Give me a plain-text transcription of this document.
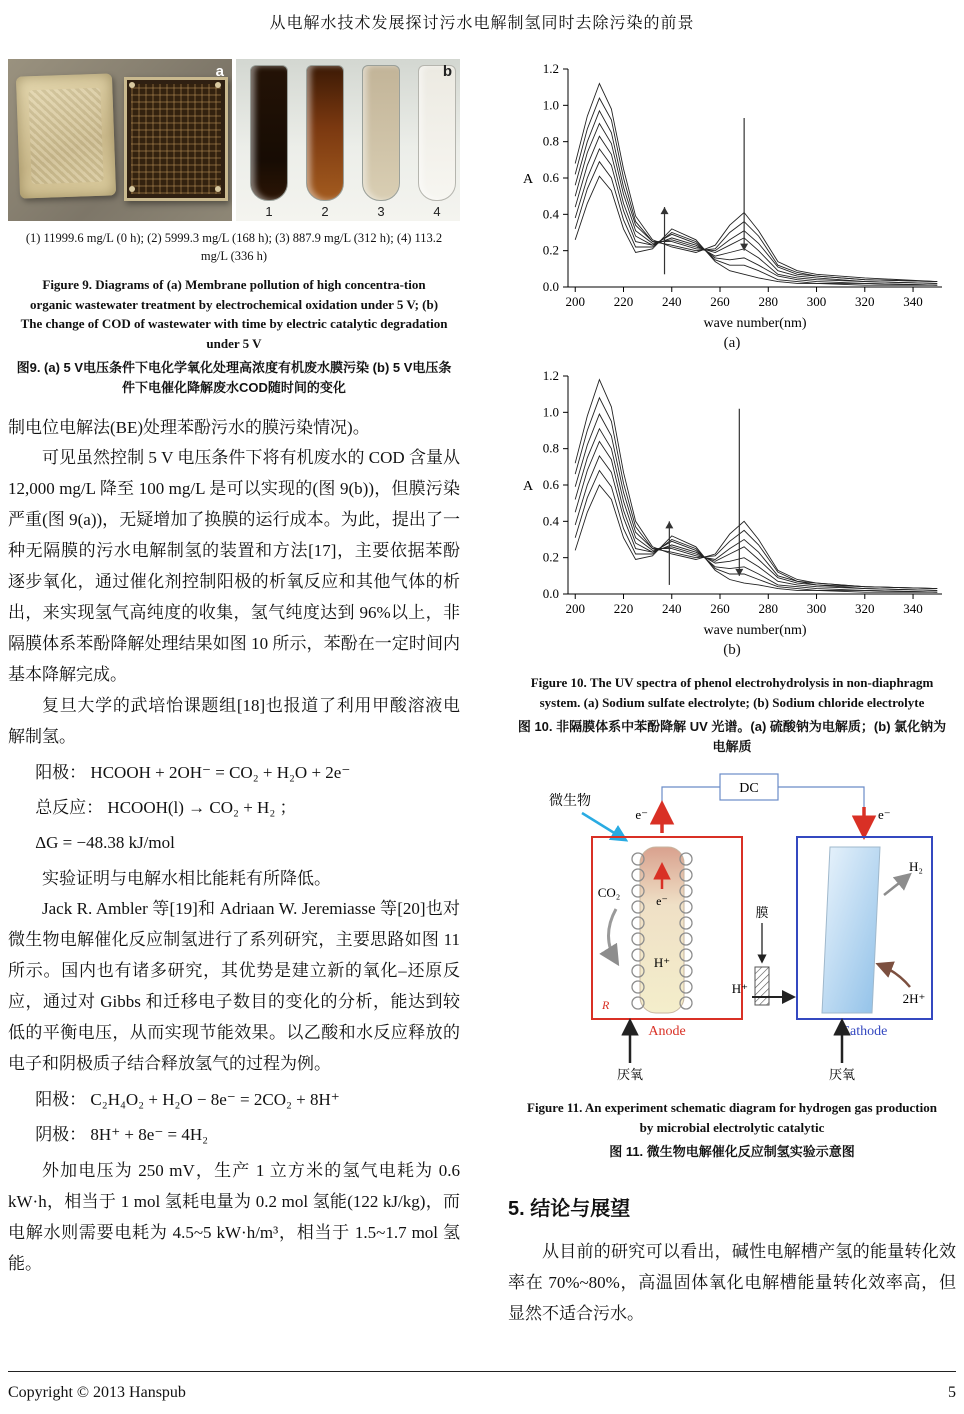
从电解水技术发展探讨污水电解制氢同时去除污染的前景
a
1	2	3	4
b
(1) 11999.6 mg/L (0 h); (2) 5999.3 mg/L (168 h); (3) 887.9 mg/L (312 h); (4) 113.2 mg/L (336 h)
Figure 9. Diagrams of (a) Membrane pollution of high concentra-tion organic wastewater treatment by electrochemical oxidation under 5 V; (b) The change of COD of wastewater with time by electric catalytic degradation under 5 V
图9. (a) 5 V电压条件下电化学氧化处理高浓度有机废水膜污染 (b) 5 V电压条件下电催化降解废水COD随时间的变化
制电位电解法(BE)处理苯酚污水的膜污染情况)。
可见虽然控制 5 V 电压条件下将有机废水的 COD 含量从 12,000 mg/L 降至 100 mg/L 是可以实现的(图 9(b))，但膜污染严重(图 9(a))，无疑增加了换膜的运行成本。为此，提出了一种无隔膜的污水电解制氢的装置和方法[17]，主要依据苯酚逐步氧化，通过催化剂控制阳极的析氧反应和其他气体的析出，来实现氢气高纯度的收集，氢气纯度达到 96%以上，非隔膜体系苯酚降解处理结果如图 10 所示，苯酚在一定时间内基本降解完成。
复旦大学的武培怡课题组[18]也报道了利用甲酸溶液电解制氢。
阳极： HCOOH + 2OH⁻ = CO₂ + H₂O + 2e⁻
总反应： HCOOH(l) → CO₂ + H₂ ；
ΔG = −48.38 kJ/mol
实验证明与电解水相比能耗有所降低。
Jack R. Ambler 等[19]和 Adriaan W. Jeremiasse 等[20]也对微生物电解催化反应制氢进行了系列研究，主要思路如图 11 所示。国内也有诸多研究，其优势是建立新的氧化–还原反应，通过对 Gibbs 和迁移电子数目的变化的分析，能达到较低的平衡电压，从而实现节能效果。以乙酸和水反应释放的电子和阴极质子结合释放氢气的过程为例。
阳极： C₂H₄O₂ + H₂O − 8e⁻ = 2CO₂ + 8H⁺
阴极： 8H⁺ + 8e⁻ = 4H₂
外加电压为 250 mV，生产 1 立方米的氢气电耗为 0.6 kW·h，相当于 1 mol 氢耗电量为 0.2 mol 氢能(122 kJ/kg)，而电解水则需要电耗为 4.5~5 kW·h/m³，相当于 1.5~1.7 mol 氢能。
200 220 240 260 280 300 320 340
0.0
0.2
0.4
0.6
0.8
1.0
1.2
wave number(nm)
A
(a)
200 220 240 260 280 300 320 340
0.0
0.2
0.4
0.6
0.8
1.0
1.2
wave number(nm)
A
(b)
Figure 10. The UV spectra of phenol electrohydrolysis in non-diaphragm system. (a) Sodium sulfate electrolyte; (b) Sodium chloride electrolyte
图 10. 非隔膜体系中苯酚降解 UV 光谱。(a) 硫酸钠为电解质；(b) 氯化钠为电解质
DC
e⁻	e⁻
微生物
e⁻
H⁺
CO₂
R
膜
H⁺
H₂
2H⁺
Anode	Cathode
厌氧	厌氧
Figure 11. An experiment schematic diagram for hydrogen gas production by microbial electrolytic catalytic
图 11. 微生物电解催化反应制氢实验示意图
5. 结论与展望
从目前的研究可以看出，碱性电解槽产氢的能量转化效率在 70%~80%，高温固体氧化电解槽能量转化效率高，但显然不适合污水。
Copyright © 2013 Hanspub	5
